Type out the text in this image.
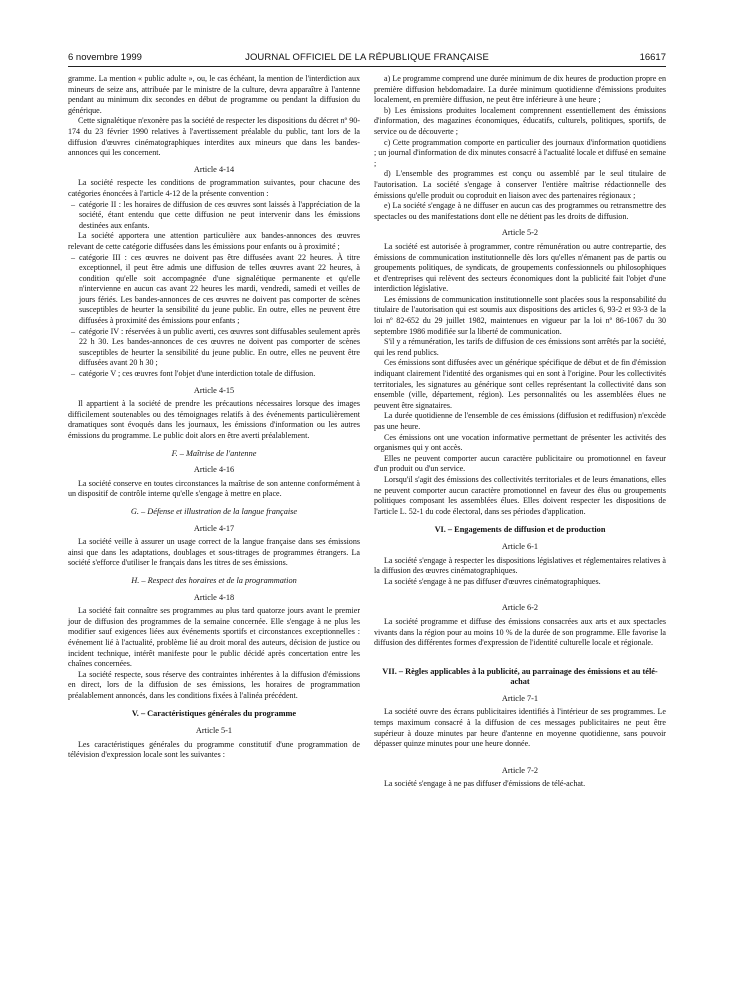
6 novembre 1999	JOURNAL OFFICIEL DE LA RÉPUBLIQUE FRANÇAISE	16617

gramme. La mention « public adulte », ou, le cas échéant, la mention de l'interdiction aux mineurs de seize ans, attribuée par le ministre de la culture, devra apparaître à l'antenne pendant au minimum dix secondes en début de programme ou pendant la diffusion du générique.

Cette signalétique n'exonère pas la société de respecter les dispositions du décret nº 90-174 du 23 février 1990 relatives à l'avertissement préalable du public, tant lors de la diffusion d'œuvres cinématographiques interdites aux mineurs que dans les bandes-annonces qui les concernent.

Article 4-14

La société respecte les conditions de programmation suivantes, pour chacune des catégories énoncées à l'article 4-12 de la présente convention :

– catégorie II : les horaires de diffusion de ces œuvres sont laissés à l'appréciation de la société, étant entendu que cette diffusion ne peut intervenir dans les émissions destinées aux enfants.

La société apportera une attention particulière aux bandes-annonces des œuvres relevant de cette catégorie diffusées dans les émissions pour enfants ou à proximité ;

– catégorie III : ces œuvres ne doivent pas être diffusées avant 22 heures. À titre exceptionnel, il peut être admis une diffusion de telles œuvres avant 22 heures, à condition qu'elle soit accompagnée d'une signalétique permanente et qu'elle n'intervienne en aucun cas avant 22 heures les mardi, vendredi, samedi et veilles de jours fériés. Les bandes-annonces de ces œuvres ne doivent pas comporter de scènes susceptibles de heurter la sensibilité du jeune public. En outre, elles ne peuvent être diffusées à proximité des émissions pour enfants ;

– catégorie IV : réservées à un public averti, ces œuvres sont diffusables seulement après 22 h 30. Les bandes-annonces de ces œuvres ne doivent pas comporter de scènes susceptibles de heurter la sensibilité du jeune public. En outre, elles ne peuvent être diffusées avant 20 h 30 ;

– catégorie V ; ces œuvres font l'objet d'une interdiction totale de diffusion.

Article 4-15

Il appartient à la société de prendre les précautions nécessaires lorsque des images difficilement soutenables ou des témoignages relatifs à des événements particulièrement dramatiques sont évoqués dans les journaux, les émissions d'information ou les autres émissions du programme. Le public doit alors en être averti préalablement.

F. – Maîtrise de l'antenne
Article 4-16

La société conserve en toutes circonstances la maîtrise de son antenne conformément à un dispositif de contrôle interne qu'elle s'engage à mettre en place.

G. – Défense et illustration de la langue française
Article 4-17

La société veille à assurer un usage correct de la langue française dans ses émissions ainsi que dans les adaptations, doublages et sous-titrages de programmes étrangers. La société s'efforce d'utiliser le français dans les titres de ses émissions.

H. – Respect des horaires et de la programmation
Article 4-18

La société fait connaître ses programmes au plus tard quatorze jours avant le premier jour de diffusion des programmes de la semaine concernée. Elle s'engage à ne plus les modifier sauf exigences liées aux événements sportifs et circonstances exceptionnelles : événement lié à l'actualité, problème lié au droit moral des auteurs, décision de justice ou incident technique, intérêt manifeste pour le public décidé après concertation entre les chaînes concernées.

La société respecte, sous réserve des contraintes inhérentes à la diffusion d'émissions en direct, lors de la diffusion de ses émissions, les horaires de programmation préalablement annoncés, dans les conditions fixées à l'alinéa précédent.

V. – Caractéristiques générales du programme
Article 5-1

Les caractéristiques générales du programme constitutif d'une programmation de télévision d'expression locale sont les suivantes :

a) Le programme comprend une durée minimum de dix heures de production propre en première diffusion hebdomadaire. La durée minimum quotidienne d'émissions produites localement, en première diffusion, ne peut être inférieure à une heure ;

b) Les émissions produites localement comprennent essentiellement des émissions d'information, des magazines économiques, éducatifs, culturels, politiques, sportifs, de service ou de découverte ;

c) Cette programmation comporte en particulier des journaux d'information quotidiens ; un journal d'information de dix minutes consacré à l'actualité locale et diffusé en semaine ;

d) L'ensemble des programmes est conçu ou assemblé par le seul titulaire de l'autorisation. La société s'engage à conserver l'entière maîtrise rédactionnelle des émissions qu'elle produit ou coproduit en liaison avec des partenaires régionaux ;

e) La société s'engage à ne diffuser en aucun cas des programmes ou retransmettre des spectacles ou des manifestations dont elle ne détient pas les droits de diffusion.

Article 5-2

La société est autorisée à programmer, contre rémunération ou autre contrepartie, des émissions de communication institutionnelle dès lors qu'elles n'émanent pas de partis ou groupements politiques, de syndicats, de groupements confessionnels ou philosophiques et d'entreprises qui relèvent des secteurs économiques dont la publicité fait l'objet d'une interdiction législative.

Les émissions de communication institutionnelle sont placées sous la responsabilité du titulaire de l'autorisation qui est soumis aux dispositions des articles 6, 93-2 et 93-3 de la loi nº 82-652 du 29 juillet 1982, maintenues en vigueur par la loi nº 86-1067 du 30 septembre 1986 modifiée sur la liberté de communication.

S'il y a rémunération, les tarifs de diffusion de ces émissions sont arrêtés par la société, qui les rend publics.

Ces émissions sont diffusées avec un générique spécifique de début et de fin d'émission indiquant clairement l'identité des organismes qui en sont à l'origine. Pour les collectivités territoriales, les signatures au générique sont celles représentant la collectivité dans son ensemble (ville, département, région). Les personnalités ou les assemblées élues ne peuvent être signataires.

La durée quotidienne de l'ensemble de ces émissions (diffusion et rediffusion) n'excède pas une heure.

Ces émissions ont une vocation informative permettant de présenter les activités des organismes qui y ont accès.

Elles ne peuvent comporter aucun caractère publicitaire ou promotionnel en faveur d'un produit ou d'un service.

Lorsqu'il s'agit des émissions des collectivités territoriales et de leurs émanations, elles ne peuvent comporter aucun caractère promotionnel en faveur des élus ou groupements politiques composant les assemblées élues. Elles doivent respecter les dispositions de l'article L. 52-1 du code électoral, dans ses périodes d'application.

VI. – Engagements de diffusion et de production
Article 6-1

La société s'engage à respecter les dispositions législatives et réglementaires relatives à la diffusion des œuvres cinématographiques.

La société s'engage à ne pas diffuser d'œuvres cinématographiques.

Article 6-2

La société programme et diffuse des émissions consacrées aux arts et aux spectacles vivants dans la région pour au moins 10 % de la durée de son programme. Elle favorise la diffusion des différentes formes d'expression de l'identité culturelle locale et régionale.

VII. – Règles applicables à la publicité, au parrainage des émissions et au télé-achat
Article 7-1

La société ouvre des écrans publicitaires identifiés à l'intérieur de ses programmes. Le temps maximum consacré à la diffusion de ces messages publicitaires ne peut être supérieur à douze minutes par heure d'antenne en moyenne quotidienne, sans pouvoir dépasser quinze minutes pour une heure donnée.

Article 7-2

La société s'engage à ne pas diffuser d'émissions de télé-achat.
